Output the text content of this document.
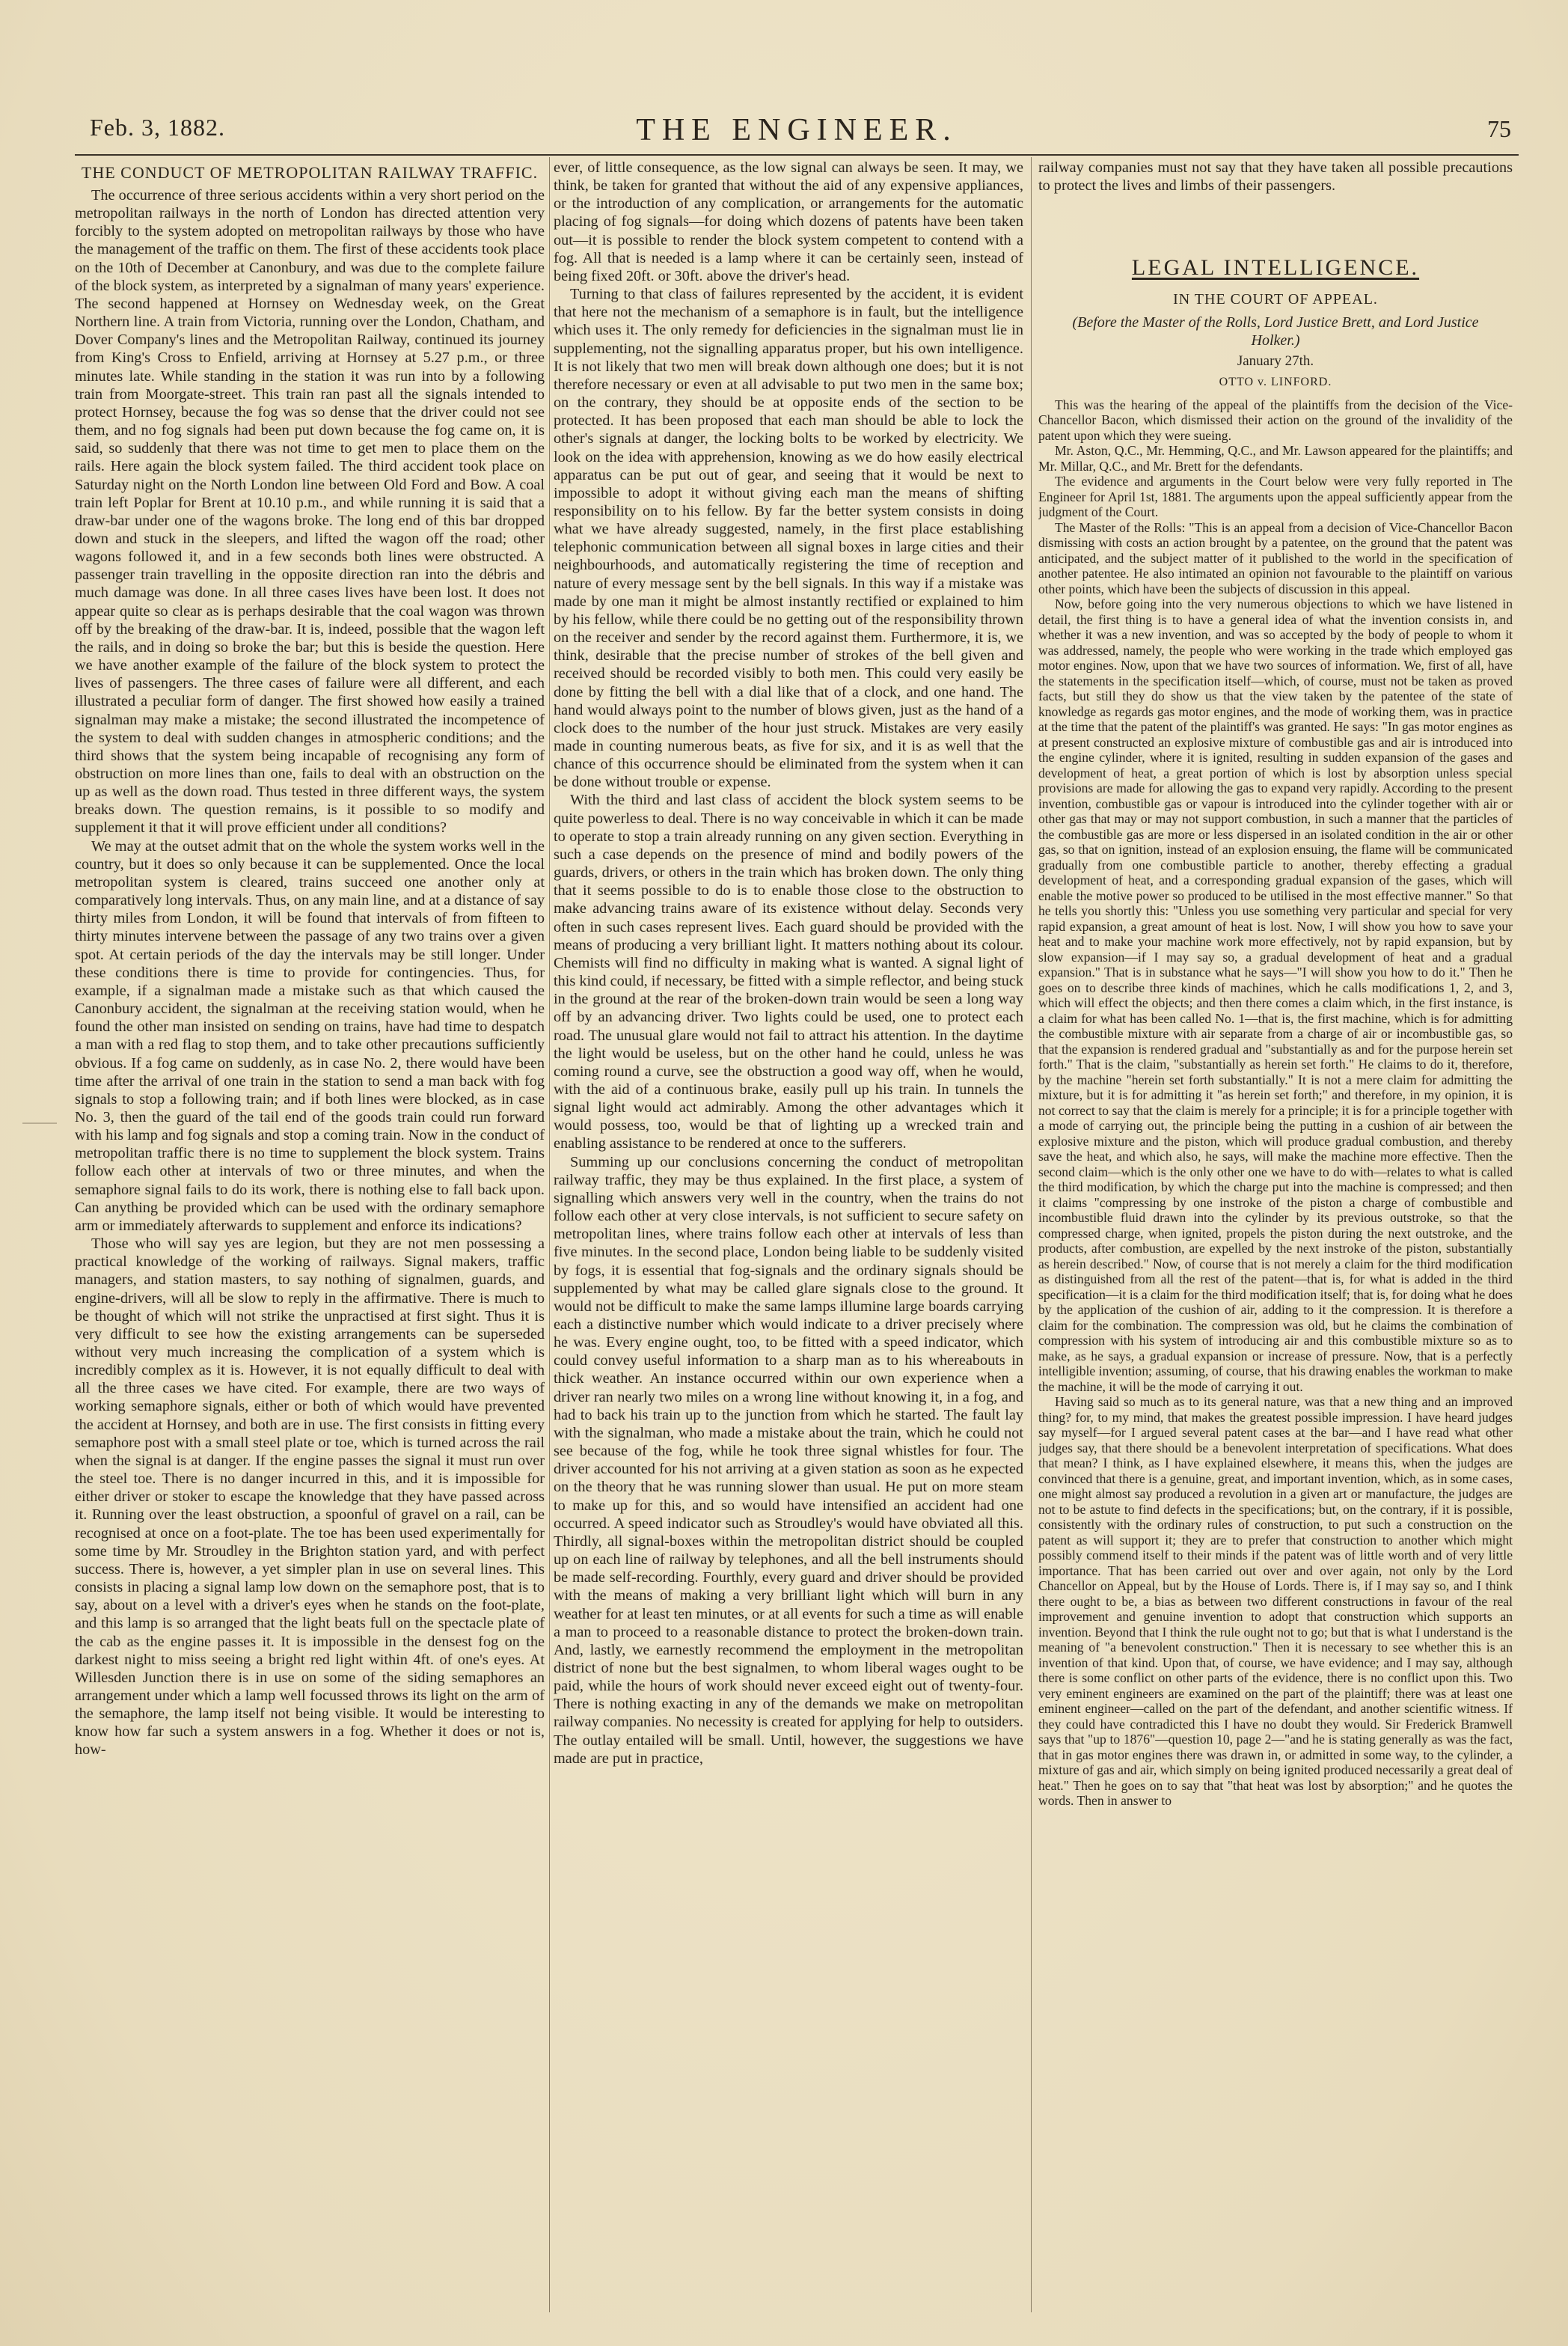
Feb. 3, 1882.	THE ENGINEER.	75
THE CONDUCT OF METROPOLITAN RAILWAY TRAFFIC.

The occurrence of three serious accidents within a very short period on the metropolitan railways in the north of London has directed attention very forcibly to the system adopted on metropolitan railways by those who have the management of the traffic on them. The first of these accidents took place on the 10th of December at Canonbury, and was due to the complete failure of the block system, as interpreted by a signalman of many years' experience. The second happened at Hornsey on Wednesday week, on the Great Northern line. A train from Victoria, running over the London, Chatham, and Dover Company's lines and the Metropolitan Railway, continued its journey from King's Cross to Enfield, arriving at Hornsey at 5.27 p.m., or three minutes late. While standing in the station it was run into by a following train from Moorgate-street. This train ran past all the signals intended to protect Hornsey, because the fog was so dense that the driver could not see them, and no fog signals had been put down because the fog came on, it is said, so suddenly that there was not time to get men to place them on the rails. Here again the block system failed. The third accident took place on Saturday night on the North London line between Old Ford and Bow. A coal train left Poplar for Brent at 10.10 p.m., and while running it is said that a draw-bar under one of the wagons broke. The long end of this bar dropped down and stuck in the sleepers, and lifted the wagon off the road; other wagons followed it, and in a few seconds both lines were obstructed. A passenger train travelling in the opposite direction ran into the débris and much damage was done. In all three cases lives have been lost. It does not appear quite so clear as is perhaps desirable that the coal wagon was thrown off by the breaking of the draw-bar. It is, indeed, possible that the wagon left the rails, and in doing so broke the bar; but this is beside the question. Here we have another example of the failure of the block system to protect the lives of passengers. The three cases of failure were all different, and each illustrated a peculiar form of danger. The first showed how easily a trained signalman may make a mistake; the second illustrated the incompetence of the system to deal with sudden changes in atmospheric conditions; and the third shows that the system being incapable of recognising any form of obstruction on more lines than one, fails to deal with an obstruction on the up as well as the down road. Thus tested in three different ways, the system breaks down. The question remains, is it possible to so modify and supplement it that it will prove efficient under all conditions?

We may at the outset admit that on the whole the system works well in the country, but it does so only because it can be supplemented. Once the local metropolitan system is cleared, trains succeed one another only at comparatively long intervals. Thus, on any main line, and at a distance of say thirty miles from London, it will be found that intervals of from fifteen to thirty minutes intervene between the passage of any two trains over a given spot. At certain periods of the day the intervals may be still longer. Under these conditions there is time to provide for contingencies. Thus, for example, if a signalman made a mistake such as that which caused the Canonbury accident, the signalman at the receiving station would, when he found the other man insisted on sending on trains, have had time to despatch a man with a red flag to stop them, and to take other precautions sufficiently obvious. If a fog came on suddenly, as in case No. 2, there would have been time after the arrival of one train in the station to send a man back with fog signals to stop a following train; and if both lines were blocked, as in case No. 3, then the guard of the tail end of the goods train could run forward with his lamp and fog signals and stop a coming train. Now in the conduct of metropolitan traffic there is no time to supplement the block system. Trains follow each other at intervals of two or three minutes, and when the semaphore signal fails to do its work, there is nothing else to fall back upon. Can anything be provided which can be used with the ordinary semaphore arm or immediately afterwards to supplement and enforce its indications?

Those who will say yes are legion, but they are not men possessing a practical knowledge of the working of railways. Signal makers, traffic managers, and station masters, to say nothing of signalmen, guards, and engine-drivers, will all be slow to reply in the affirmative. There is much to be thought of which will not strike the unpractised at first sight. Thus it is very difficult to see how the existing arrangements can be superseded without very much increasing the complication of a system which is incredibly complex as it is. However, it is not equally difficult to deal with all the three cases we have cited. For example, there are two ways of working semaphore signals, either or both of which would have prevented the accident at Hornsey, and both are in use. The first consists in fitting every semaphore post with a small steel plate or toe, which is turned across the rail when the signal is at danger. If the engine passes the signal it must run over the steel toe. There is no danger incurred in this, and it is impossible for either driver or stoker to escape the knowledge that they have passed across it. Running over the least obstruction, a spoonful of gravel on a rail, can be recognised at once on a foot-plate. The toe has been used experimentally for some time by Mr. Stroudley in the Brighton station yard, and with perfect success. There is, however, a yet simpler plan in use on several lines. This consists in placing a signal lamp low down on the semaphore post, that is to say, about on a level with a driver's eyes when he stands on the foot-plate, and this lamp is so arranged that the light beats full on the spectacle plate of the cab as the engine passes it. It is impossible in the densest fog on the darkest night to miss seeing a bright red light within 4ft. of one's eyes. At Willesden Junction there is in use on some of the siding semaphores an arrangement under which a lamp well focussed throws its light on the arm of the semaphore, the lamp itself not being visible. It would be interesting to know how far such a system answers in a fog. Whether it does or not is, how-

ever, of little consequence, as the low signal can always be seen. It may, we think, be taken for granted that without the aid of any expensive appliances, or the introduction of any complication, or arrangements for the automatic placing of fog signals—for doing which dozens of patents have been taken out—it is possible to render the block system competent to contend with a fog. All that is needed is a lamp where it can be certainly seen, instead of being fixed 20ft. or 30ft. above the driver's head.

Turning to that class of failures represented by the accident, it is evident that here not the mechanism of a semaphore is in fault, but the intelligence which uses it. The only remedy for deficiencies in the signalman must lie in supplementing, not the signalling apparatus proper, but his own intelligence. It is not likely that two men will break down although one does; but it is not therefore necessary or even at all advisable to put two men in the same box; on the contrary, they should be at opposite ends of the section to be protected. It has been proposed that each man should be able to lock the other's signals at danger, the locking bolts to be worked by electricity. We look on the idea with apprehension, knowing as we do how easily electrical apparatus can be put out of gear, and seeing that it would be next to impossible to adopt it without giving each man the means of shifting responsibility on to his fellow. By far the better system consists in doing what we have already suggested, namely, in the first place establishing telephonic communication between all signal boxes in large cities and their neighbourhoods, and automatically registering the time of reception and nature of every message sent by the bell signals. In this way if a mistake was made by one man it might be almost instantly rectified or explained to him by his fellow, while there could be no getting out of the responsibility thrown on the receiver and sender by the record against them. Furthermore, it is, we think, desirable that the precise number of strokes of the bell given and received should be recorded visibly to both men. This could very easily be done by fitting the bell with a dial like that of a clock, and one hand. The hand would always point to the number of blows given, just as the hand of a clock does to the number of the hour just struck. Mistakes are very easily made in counting numerous beats, as five for six, and it is as well that the chance of this occurrence should be eliminated from the system when it can be done without trouble or expense.

With the third and last class of accident the block system seems to be quite powerless to deal. There is no way conceivable in which it can be made to operate to stop a train already running on any given section. Everything in such a case depends on the presence of mind and bodily powers of the guards, drivers, or others in the train which has broken down. The only thing that it seems possible to do is to enable those close to the obstruction to make advancing trains aware of its existence without delay. Seconds very often in such cases represent lives. Each guard should be provided with the means of producing a very brilliant light. It matters nothing about its colour. Chemists will find no difficulty in making what is wanted. A signal light of this kind could, if necessary, be fitted with a simple reflector, and being stuck in the ground at the rear of the broken-down train would be seen a long way off by an advancing driver. Two lights could be used, one to protect each road. The unusual glare would not fail to attract his attention. In the daytime the light would be useless, but on the other hand he could, unless he was coming round a curve, see the obstruction a good way off, when he would, with the aid of a continuous brake, easily pull up his train. In tunnels the signal light would act admirably. Among the other advantages which it would possess, too, would be that of lighting up a wrecked train and enabling assistance to be rendered at once to the sufferers.

Summing up our conclusions concerning the conduct of metropolitan railway traffic, they may be thus explained. In the first place, a system of signalling which answers very well in the country, when the trains do not follow each other at very close intervals, is not sufficient to secure safety on metropolitan lines, where trains follow each other at intervals of less than five minutes. In the second place, London being liable to be suddenly visited by fogs, it is essential that fog-signals and the ordinary signals should be supplemented by what may be called glare signals close to the ground. It would not be difficult to make the same lamps illumine large boards carrying each a distinctive number which would indicate to a driver precisely where he was. Every engine ought, too, to be fitted with a speed indicator, which could convey useful information to a sharp man as to his whereabouts in thick weather. An instance occurred within our own experience when a driver ran nearly two miles on a wrong line without knowing it, in a fog, and had to back his train up to the junction from which he started. The fault lay with the signalman, who made a mistake about the train, which he could not see because of the fog, while he took three signal whistles for four. The driver accounted for his not arriving at a given station as soon as he expected on the theory that he was running slower than usual. He put on more steam to make up for this, and so would have intensified an accident had one occurred. A speed indicator such as Stroudley's would have obviated all this. Thirdly, all signal-boxes within the metropolitan district should be coupled up on each line of railway by telephones, and all the bell instruments should be made self-recording. Fourthly, every guard and driver should be provided with the means of making a very brilliant light which will burn in any weather for at least ten minutes, or at all events for such a time as will enable a man to proceed to a reasonable distance to protect the broken-down train. And, lastly, we earnestly recommend the employment in the metropolitan district of none but the best signalmen, to whom liberal wages ought to be paid, while the hours of work should never exceed eight out of twenty-four. There is nothing exacting in any of the demands we make on metropolitan railway companies. No necessity is created for applying for help to outsiders. The outlay entailed will be small. Until, however, the suggestions we have made are put in practice,

railway companies must not say that they have taken all possible precautions to protect the lives and limbs of their passengers.

LEGAL INTELLIGENCE.
IN THE COURT OF APPEAL.
(Before the Master of the Rolls, Lord Justice Brett, and Lord Justice Holker.)
January 27th.
OTTO v. LINFORD.

This was the hearing of the appeal of the plaintiffs from the decision of the Vice-Chancellor Bacon, which dismissed their action on the ground of the invalidity of the patent upon which they were sueing.

Mr. Aston, Q.C., Mr. Hemming, Q.C., and Mr. Lawson appeared for the plaintiffs; and Mr. Millar, Q.C., and Mr. Brett for the defendants.

The evidence and arguments in the Court below were very fully reported in The Engineer for April 1st, 1881. The arguments upon the appeal sufficiently appear from the judgment of the Court.

The Master of the Rolls: "This is an appeal from a decision of Vice-Chancellor Bacon dismissing with costs an action brought by a patentee, on the ground that the patent was anticipated, and the subject matter of it published to the world in the specification of another patentee. He also intimated an opinion not favourable to the plaintiff on various other points, which have been the subjects of discussion in this appeal.

Now, before going into the very numerous objections to which we have listened in detail, the first thing is to have a general idea of what the invention consists in, and whether it was a new invention, and was so accepted by the body of people to whom it was addressed, namely, the people who were working in the trade which employed gas motor engines. Now, upon that we have two sources of information. We, first of all, have the statements in the specification itself—which, of course, must not be taken as proved facts, but still they do show us that the view taken by the patentee of the state of knowledge as regards gas motor engines, and the mode of working them, was in practice at the time that the patent of the plaintiff's was granted. He says: "In gas motor engines as at present constructed an explosive mixture of combustible gas and air is introduced into the engine cylinder, where it is ignited, resulting in sudden expansion of the gases and development of heat, a great portion of which is lost by absorption unless special provisions are made for allowing the gas to expand very rapidly. According to the present invention, combustible gas or vapour is introduced into the cylinder together with air or other gas that may or may not support combustion, in such a manner that the particles of the combustible gas are more or less dispersed in an isolated condition in the air or other gas, so that on ignition, instead of an explosion ensuing, the flame will be communicated gradually from one combustible particle to another, thereby effecting a gradual development of heat, and a corresponding gradual expansion of the gases, which will enable the motive power so produced to be utilised in the most effective manner." So that he tells you shortly this: "Unless you use something very particular and special for very rapid expansion, a great amount of heat is lost. Now, I will show you how to save your heat and to make your machine work more effectively, not by rapid expansion, but by slow expansion—if I may say so, a gradual development of heat and a gradual expansion." That is in substance what he says—"I will show you how to do it." Then he goes on to describe three kinds of machines, which he calls modifications 1, 2, and 3, which will effect the objects; and then there comes a claim which, in the first instance, is a claim for what has been called No. 1—that is, the first machine, which is for admitting the combustible mixture with air separate from a charge of air or incombustible gas, so that the expansion is rendered gradual and "substantially as and for the purpose herein set forth." That is the claim, "substantially as herein set forth." He claims to do it, therefore, by the machine "herein set forth substantially." It is not a mere claim for admitting the mixture, but it is for admitting it "as herein set forth;" and therefore, in my opinion, it is not correct to say that the claim is merely for a principle; it is for a principle together with a mode of carrying out, the principle being the putting in a cushion of air between the explosive mixture and the piston, which will produce gradual combustion, and thereby save the heat, and which also, he says, will make the machine more effective. Then the second claim—which is the only other one we have to do with—relates to what is called the third modification, by which the charge put into the machine is compressed; and then it claims "compressing by one instroke of the piston a charge of combustible and incombustible fluid drawn into the cylinder by its previous outstroke, so that the compressed charge, when ignited, propels the piston during the next outstroke, and the products, after combustion, are expelled by the next instroke of the piston, substantially as herein described." Now, of course that is not merely a claim for the third modification as distinguished from all the rest of the patent—that is, for what is added in the third specification—it is a claim for the third modification itself; that is, for doing what he does by the application of the cushion of air, adding to it the compression. It is therefore a claim for the combination. The compression was old, but he claims the combination of compression with his system of introducing air and this combustible mixture so as to make, as he says, a gradual expansion or increase of pressure. Now, that is a perfectly intelligible invention; assuming, of course, that his drawing enables the workman to make the machine, it will be the mode of carrying it out.

Having said so much as to its general nature, was that a new thing and an improved thing? for, to my mind, that makes the greatest possible impression. I have heard judges say myself—for I argued several patent cases at the bar—and I have read what other judges say, that there should be a benevolent interpretation of specifications. What does that mean? I think, as I have explained elsewhere, it means this, when the judges are convinced that there is a genuine, great, and important invention, which, as in some cases, one might almost say produced a revolution in a given art or manufacture, the judges are not to be astute to find defects in the specifications; but, on the contrary, if it is possible, consistently with the ordinary rules of construction, to put such a construction on the patent as will support it; they are to prefer that construction to another which might possibly commend itself to their minds if the patent was of little worth and of very little importance. That has been carried out over and over again, not only by the Lord Chancellor on Appeal, but by the House of Lords. There is, if I may say so, and I think there ought to be, a bias as between two different constructions in favour of the real improvement and genuine invention to adopt that construction which supports an invention. Beyond that I think the rule ought not to go; but that is what I understand is the meaning of "a benevolent construction." Then it is necessary to see whether this is an invention of that kind. Upon that, of course, we have evidence; and I may say, although there is some conflict on other parts of the evidence, there is no conflict upon this. Two very eminent engineers are examined on the part of the plaintiff; there was at least one eminent engineer—called on the part of the defendant, and another scientific witness. If they could have contradicted this I have no doubt they would. Sir Frederick Bramwell says that "up to 1876"—question 10, page 2—"and he is stating generally as was the fact, that in gas motor engines there was drawn in, or admitted in some way, to the cylinder, a mixture of gas and air, which simply on being ignited produced necessarily a great deal of heat." Then he goes on to say that "that heat was lost by absorption;" and he quotes the words. Then in answer to
